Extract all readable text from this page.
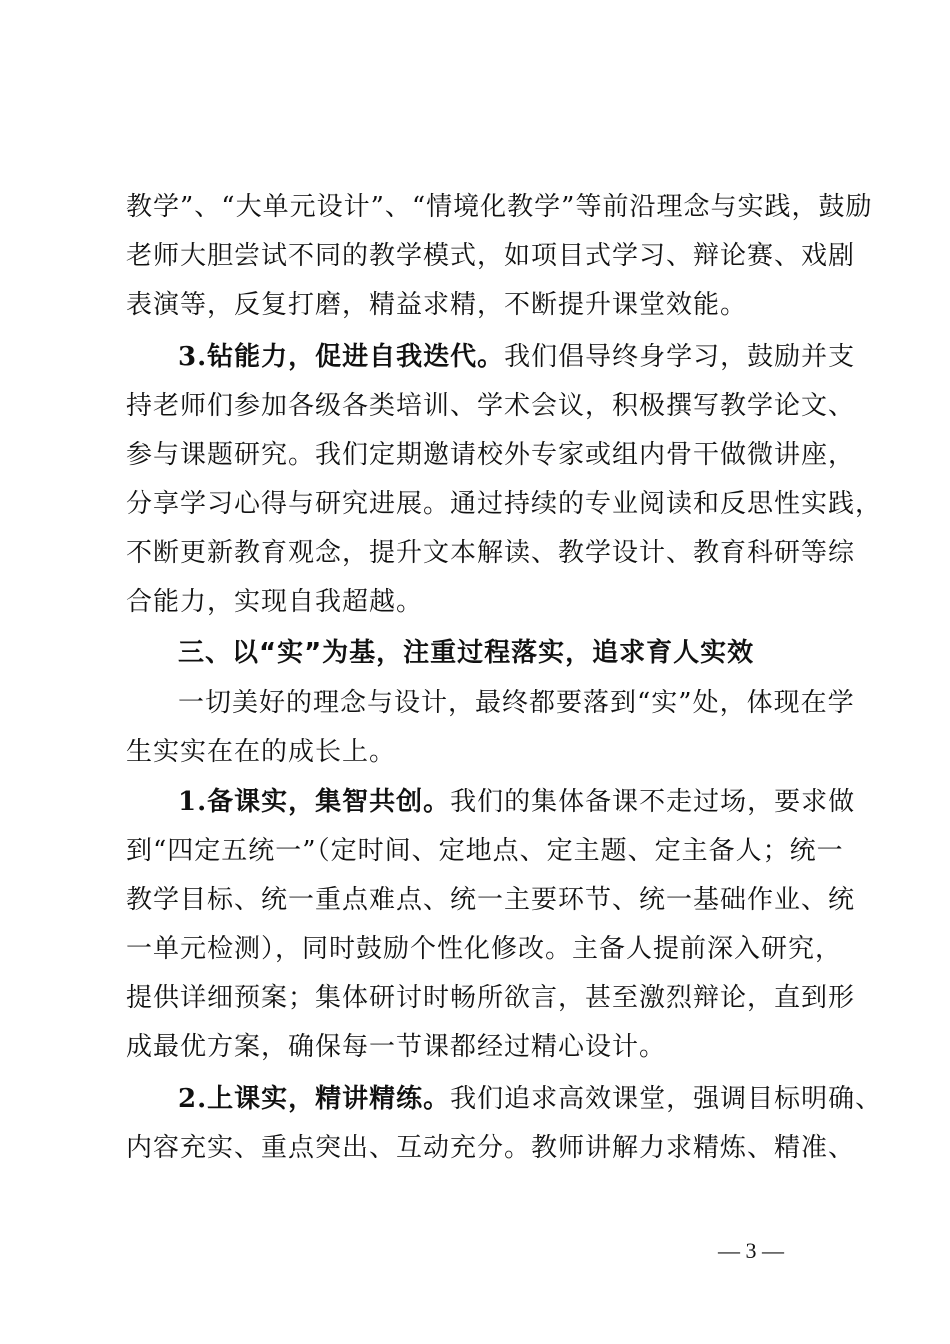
教学”、“大单元设计”、“情境化教学”等前沿理念与实践，鼓励
老师大胆尝试不同的教学模式，如项目式学习、辩论赛、戏剧
表演等，反复打磨，精益求精，不断提升课堂效能。
3.钻能力，促进自我迭代。我们倡导终身学习，鼓励并支
持老师们参加各级各类培训、学术会议，积极撰写教学论文、
参与课题研究。我们定期邀请校外专家或组内骨干做微讲座，
分享学习心得与研究进展。通过持续的专业阅读和反思性实践，
不断更新教育观念，提升文本解读、教学设计、教育科研等综
合能力，实现自我超越。
三、以“实”为基，注重过程落实，追求育人实效
一切美好的理念与设计，最终都要落到“实”处，体现在学
生实实在在的成长上。
1.备课实，集智共创。我们的集体备课不走过场，要求做
到“四定五统一”（定时间、定地点、定主题、定主备人；统一
教学目标、统一重点难点、统一主要环节、统一基础作业、统
一单元检测），同时鼓励个性化修改。主备人提前深入研究，
提供详细预案；集体研讨时畅所欲言，甚至激烈辩论，直到形
成最优方案，确保每一节课都经过精心设计。
2.上课实，精讲精练。我们追求高效课堂，强调目标明确、
内容充实、重点突出、互动充分。教师讲解力求精炼、精准、
— 3 —
